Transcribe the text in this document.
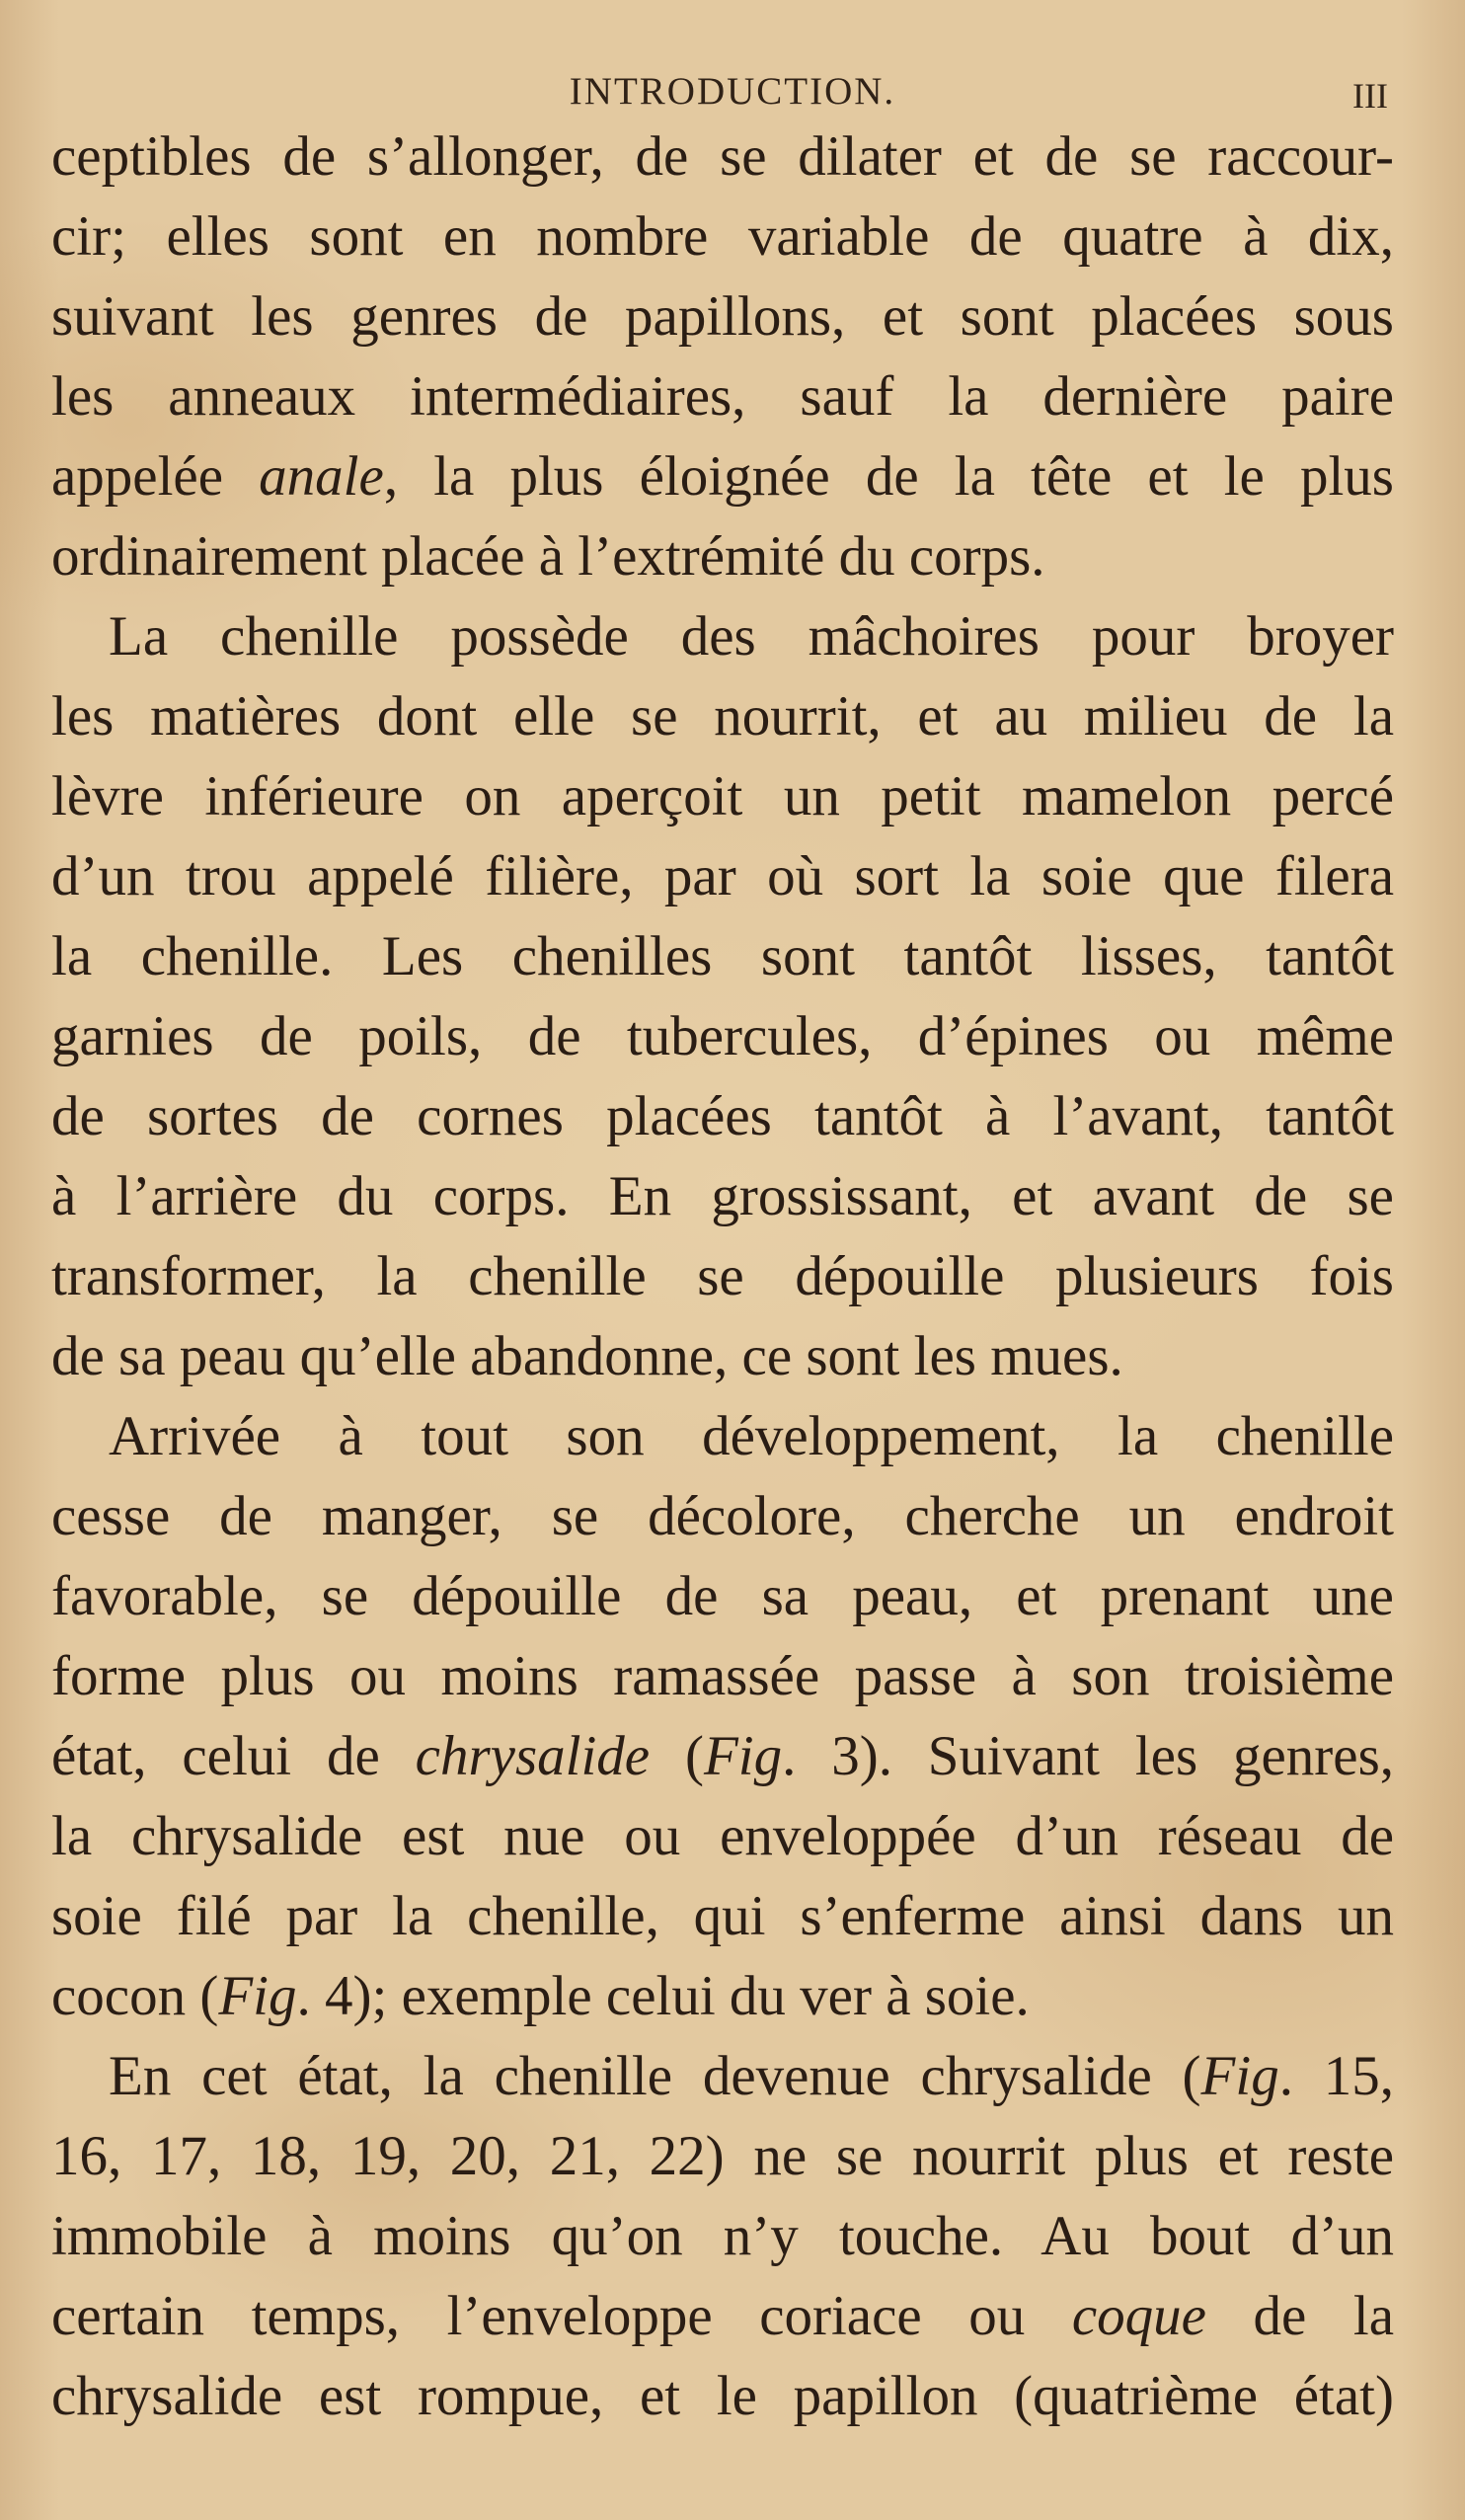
INTRODUCTION.	III
ceptibles de s’allonger, de se dilater et de se raccour-
cir; elles sont en nombre variable de quatre à dix,
suivant les genres de papillons, et sont placées sous
les anneaux intermédiaires, sauf la dernière paire
appelée anale, la plus éloignée de la tête et le plus
ordinairement placée à l’extrémité du corps.
La chenille possède des mâchoires pour broyer
les matières dont elle se nourrit, et au milieu de la
lèvre inférieure on aperçoit un petit mamelon percé
d’un trou appelé filière, par où sort la soie que filera
la chenille. Les chenilles sont tantôt lisses, tantôt
garnies de poils, de tubercules, d’épines ou même
de sortes de cornes placées tantôt à l’avant, tantôt
à l’arrière du corps. En grossissant, et avant de se
transformer, la chenille se dépouille plusieurs fois
de sa peau qu’elle abandonne, ce sont les mues.
Arrivée à tout son développement, la chenille
cesse de manger, se décolore, cherche un endroit
favorable, se dépouille de sa peau, et prenant une
forme plus ou moins ramassée passe à son troisième
état, celui de chrysalide (Fig. 3). Suivant les genres,
la chrysalide est nue ou enveloppée d’un réseau de
soie filé par la chenille, qui s’enferme ainsi dans un
cocon (Fig. 4); exemple celui du ver à soie.
En cet état, la chenille devenue chrysalide (Fig. 15,
16, 17, 18, 19, 20, 21, 22) ne se nourrit plus et reste
immobile à moins qu’on n’y touche. Au bout d’un
certain temps, l’enveloppe coriace ou coque de la
chrysalide est rompue, et le papillon (quatrième état)
